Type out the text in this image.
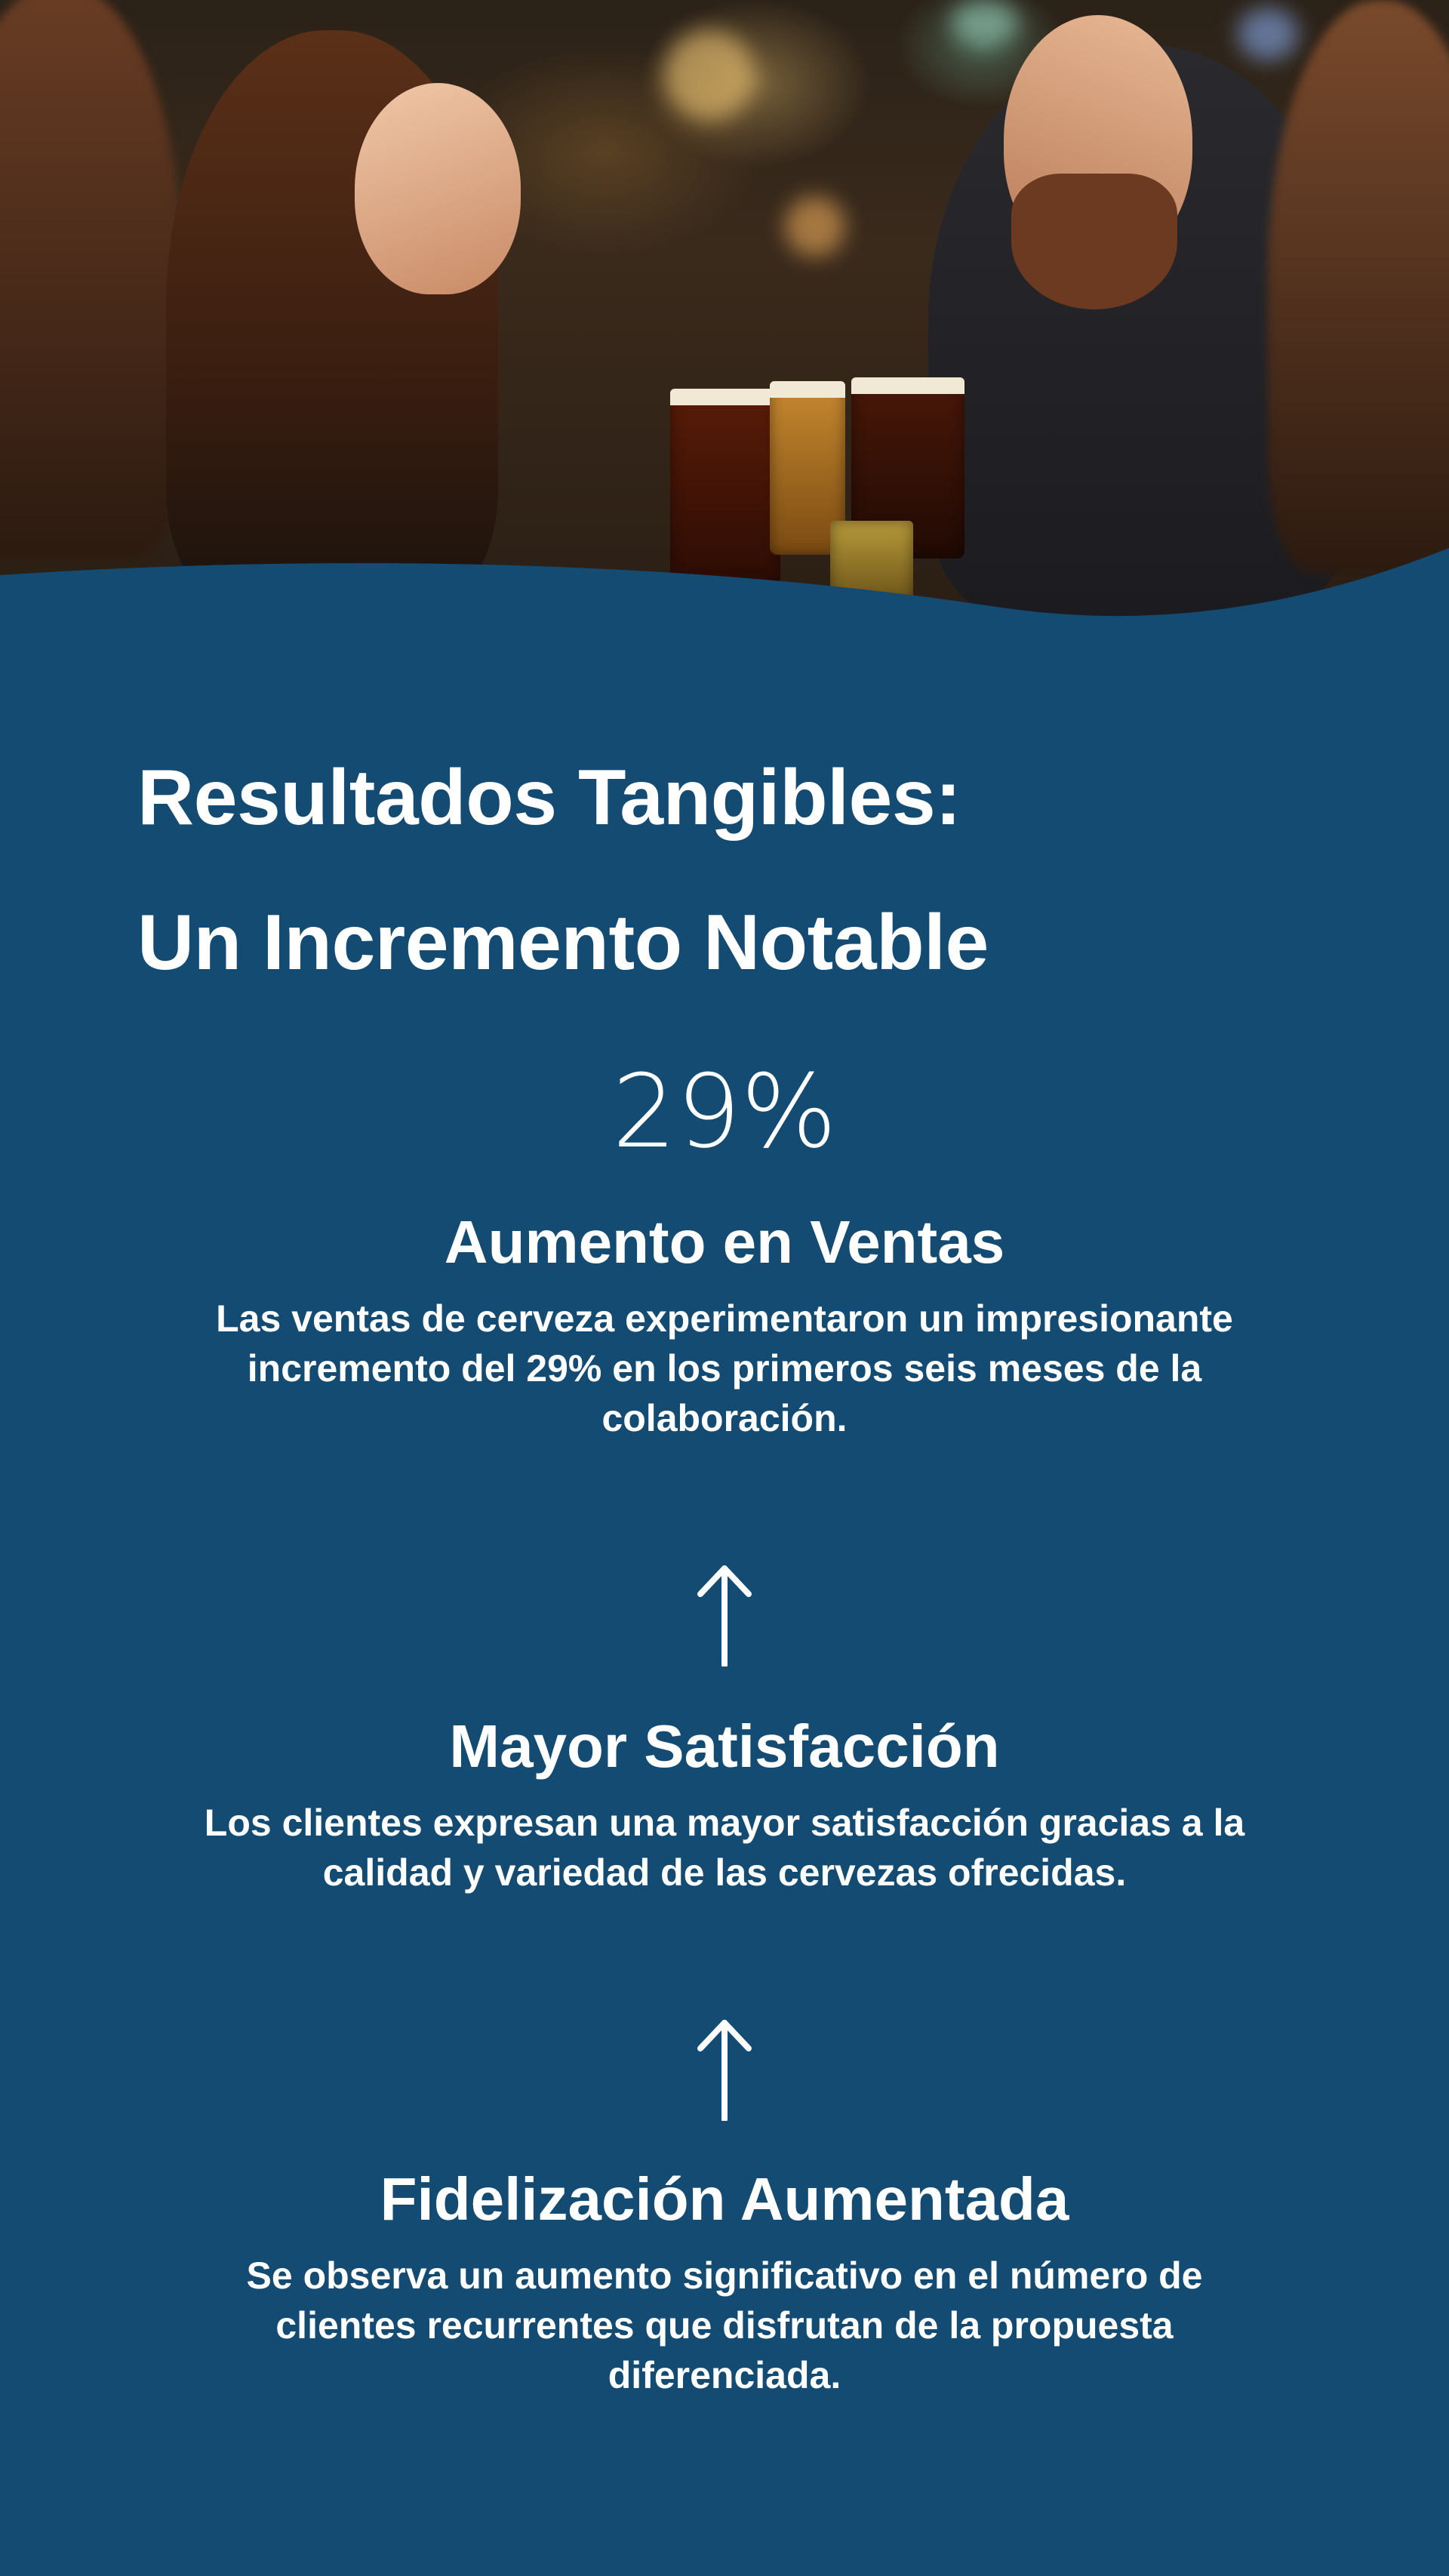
Resultados Tangibles:
Un Incremento Notable
29%
Aumento en Ventas

Las ventas de cerveza experimentaron un impresionante incremento del 29% en los primeros seis meses de la colaboración.

Mayor Satisfacción

Los clientes expresan una mayor satisfacción gracias a la calidad y variedad de las cervezas ofrecidas.

Fidelización Aumentada

Se observa un aumento significativo en el número de clientes recurrentes que disfrutan de la propuesta diferenciada.
